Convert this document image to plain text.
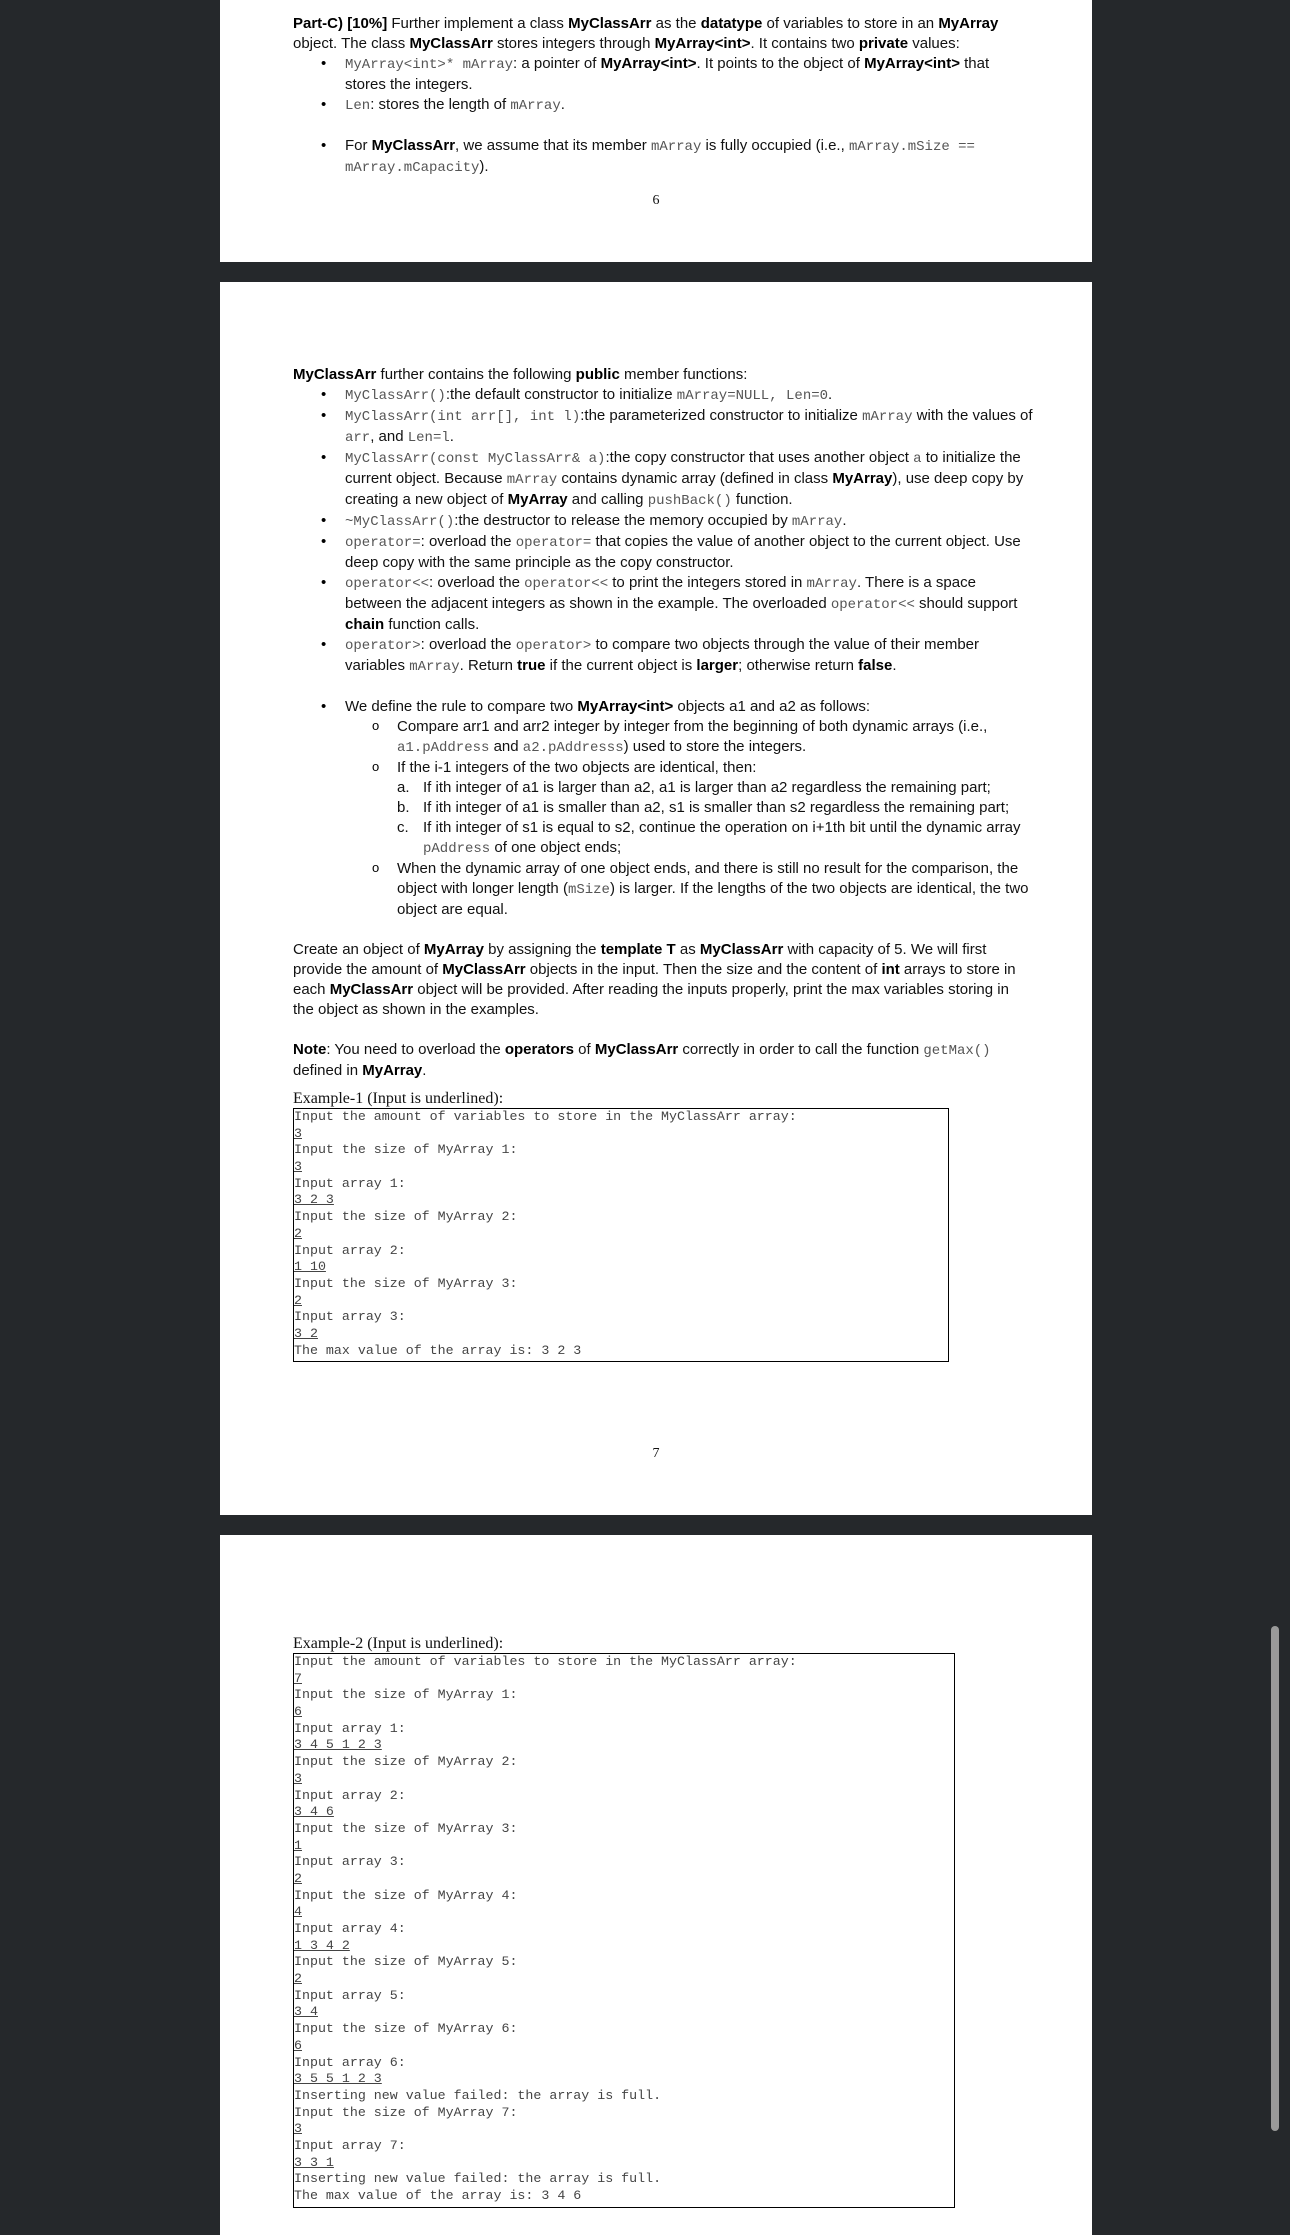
Part-C) [10%] Further implement a class MyClassArr as the datatype of variables to store in an MyArray object. The class MyClassArr stores integers through MyArray<int>. It contains two private values:

• MyArray<int>* mArray: a pointer of MyArray<int>. It points to the object of MyArray<int> that stores the integers.
• Len: stores the length of mArray.
• For MyClassArr, we assume that its member mArray is fully occupied (i.e., mArray.mSize == mArray.mCapacity).
6

MyClassArr further contains the following public member functions:

• MyClassArr():the default constructor to initialize mArray=NULL, Len=0.
• MyClassArr(int arr[], int l):the parameterized constructor to initialize mArray with the values of arr, and Len=l.
• MyClassArr(const MyClassArr& a):the copy constructor that uses another object a to initialize the current object. Because mArray contains dynamic array (defined in class MyArray), use deep copy by creating a new object of MyArray and calling pushBack() function.
• ~MyClassArr():the destructor to release the memory occupied by mArray.
• operator=: overload the operator= that copies the value of another object to the current object. Use deep copy with the same principle as the copy constructor.
• operator<<: overload the operator<< to print the integers stored in mArray. There is a space between the adjacent integers as shown in the example. The overloaded operator<< should support chain function calls.
• operator>: overload the operator> to compare two objects through the value of their member variables mArray. Return true if the current object is larger; otherwise return false.
• We define the rule to compare two MyArray<int> objects a1 and a2 as follows:
o Compare arr1 and arr2 integer by integer from the beginning of both dynamic arrays (i.e., a1.pAddress and a2.pAddresss) used to store the integers.
o If the i-1 integers of the two objects are identical, then:
a. If ith integer of a1 is larger than a2, a1 is larger than a2 regardless the remaining part;
b. If ith integer of a1 is smaller than a2, s1 is smaller than s2 regardless the remaining part;
c. If ith integer of s1 is equal to s2, continue the operation on i+1th bit until the dynamic array pAddress of one object ends;
o When the dynamic array of one object ends, and there is still no result for the comparison, the object with longer length (mSize) is larger. If the lengths of the two objects are identical, the two object are equal.

Create an object of MyArray by assigning the template T as MyClassArr with capacity of 5. We will first provide the amount of MyClassArr objects in the input. Then the size and the content of int arrays to store in each MyClassArr object will be provided. After reading the inputs properly, print the max variables storing in the object as shown in the examples.

Note: You need to overload the operators of MyClassArr correctly in order to call the function getMax() defined in MyArray.

Example-1 (Input is underlined):
Input the amount of variables to store in the MyClassArr array:
3
Input the size of MyArray 1:
3
Input array 1:
3 2 3
Input the size of MyArray 2:
2
Input array 2:
1 10
Input the size of MyArray 3:
2
Input array 3:
3 2
The max value of the array is: 3 2 3
7
Example-2 (Input is underlined):
Input the amount of variables to store in the MyClassArr array:
7
Input the size of MyArray 1:
6
Input array 1:
3 4 5 1 2 3
Input the size of MyArray 2:
3
Input array 2:
3 4 6
Input the size of MyArray 3:
1
Input array 3:
2
Input the size of MyArray 4:
4
Input array 4:
1 3 4 2
Input the size of MyArray 5:
2
Input array 5:
3 4
Input the size of MyArray 6:
6
Input array 6:
3 5 5 1 2 3
Inserting new value failed: the array is full.
Input the size of MyArray 7:
3
Input array 7:
3 3 1
Inserting new value failed: the array is full.
The max value of the array is: 3 4 6
